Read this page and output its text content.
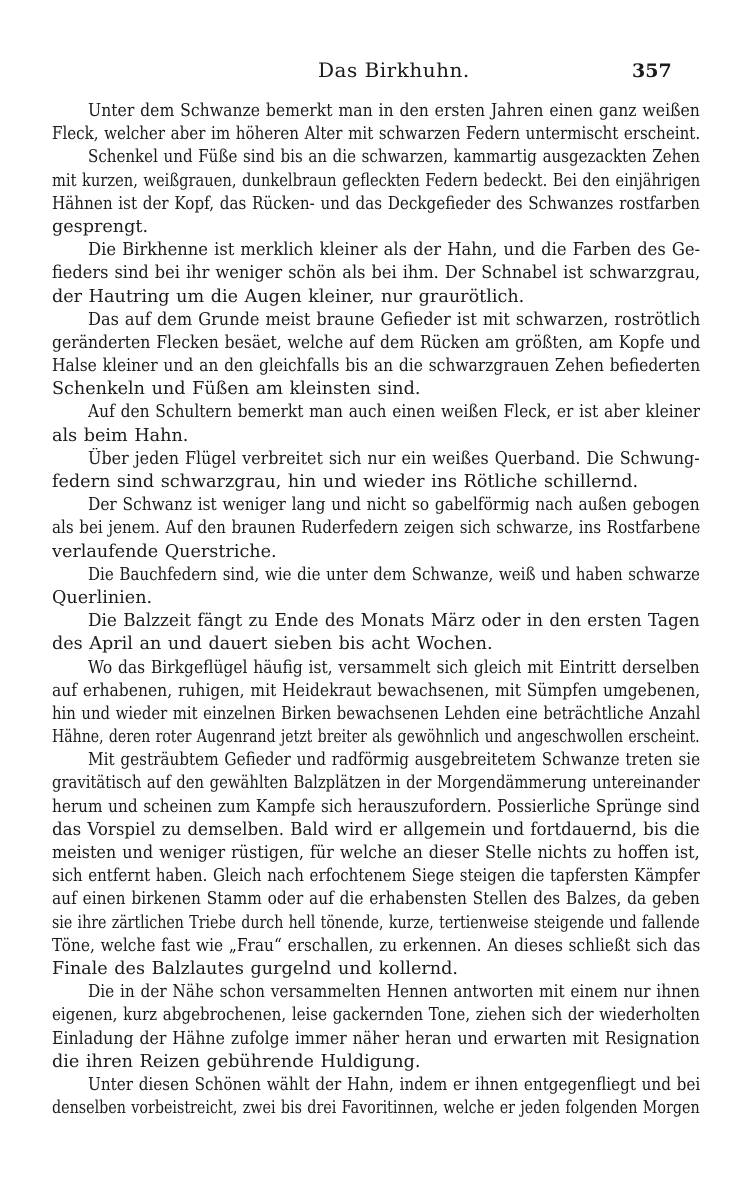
Das Birkhuhn.	357
Unter dem Schwanze bemerkt man in den ersten Jahren einen ganz weißen
Fleck, welcher aber im höheren Alter mit schwarzen Federn untermischt erscheint.
Schenkel und Füße sind bis an die schwarzen, kammartig ausgezackten Zehen
mit kurzen, weißgrauen, dunkelbraun gefleckten Federn bedeckt. Bei den einjährigen
Hähnen ist der Kopf, das Rücken- und das Deckgefieder des Schwanzes rostfarben
gesprengt.
Die Birkhenne ist merklich kleiner als der Hahn, und die Farben des Ge-
fieders sind bei ihr weniger schön als bei ihm. Der Schnabel ist schwarzgrau,
der Hautring um die Augen kleiner, nur graurötlich.
Das auf dem Grunde meist braune Gefieder ist mit schwarzen, roströtlich
geränderten Flecken besäet, welche auf dem Rücken am größten, am Kopfe und
Halse kleiner und an den gleichfalls bis an die schwarzgrauen Zehen befiederten
Schenkeln und Füßen am kleinsten sind.
Auf den Schultern bemerkt man auch einen weißen Fleck, er ist aber kleiner
als beim Hahn.
Über jeden Flügel verbreitet sich nur ein weißes Querband. Die Schwung-
federn sind schwarzgrau, hin und wieder ins Rötliche schillernd.
Der Schwanz ist weniger lang und nicht so gabelförmig nach außen gebogen
als bei jenem. Auf den braunen Ruderfedern zeigen sich schwarze, ins Rostfarbene
verlaufende Querstriche.
Die Bauchfedern sind, wie die unter dem Schwanze, weiß und haben schwarze
Querlinien.
Die Balzzeit fängt zu Ende des Monats März oder in den ersten Tagen
des April an und dauert sieben bis acht Wochen.
Wo das Birkgeflügel häufig ist, versammelt sich gleich mit Eintritt derselben
auf erhabenen, ruhigen, mit Heidekraut bewachsenen, mit Sümpfen umgebenen,
hin und wieder mit einzelnen Birken bewachsenen Lehden eine beträchtliche Anzahl
Hähne, deren roter Augenrand jetzt breiter als gewöhnlich und angeschwollen erscheint.
Mit gesträubtem Gefieder und radförmig ausgebreitetem Schwanze treten sie
gravitätisch auf den gewählten Balzplätzen in der Morgendämmerung untereinander
herum und scheinen zum Kampfe sich herauszufordern. Possierliche Sprünge sind
das Vorspiel zu demselben. Bald wird er allgemein und fortdauernd, bis die
meisten und weniger rüstigen, für welche an dieser Stelle nichts zu hoffen ist,
sich entfernt haben. Gleich nach erfochtenem Siege steigen die tapfersten Kämpfer
auf einen birkenen Stamm oder auf die erhabensten Stellen des Balzes, da geben
sie ihre zärtlichen Triebe durch hell tönende, kurze, tertienweise steigende und fallende
Töne, welche fast wie „Frau“ erschallen, zu erkennen. An dieses schließt sich das
Finale des Balzlautes gurgelnd und kollernd.
Die in der Nähe schon versammelten Hennen antworten mit einem nur ihnen
eigenen, kurz abgebrochenen, leise gackernden Tone, ziehen sich der wiederholten
Einladung der Hähne zufolge immer näher heran und erwarten mit Resignation
die ihren Reizen gebührende Huldigung.
Unter diesen Schönen wählt der Hahn, indem er ihnen entgegenfliegt und bei
denselben vorbeistreicht, zwei bis drei Favoritinnen, welche er jeden folgenden Morgen
